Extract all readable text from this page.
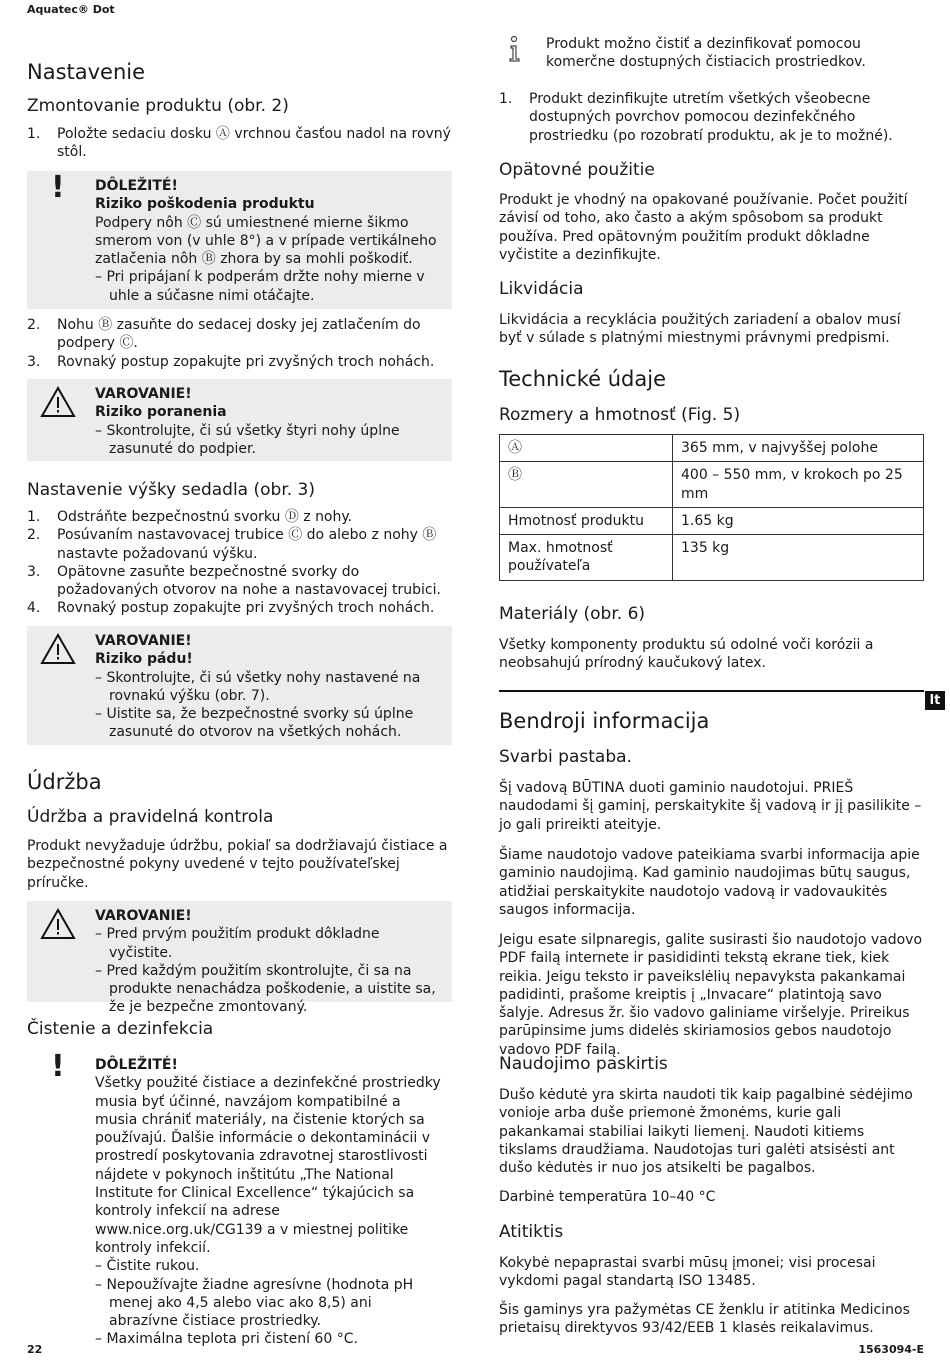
Aquatec® Dot
Nastavenie
Zmontovanie produktu (obr. 2)
1.	Položte sedaciu dosku Ⓐ vrchnou časťou nadol na rovný stôl.
! DÔLEŽITÉ!
Riziko poškodenia produktu
Podpery nôh Ⓒ sú umiestnené mierne šikmo smerom von (v uhle 8°) a v prípade vertikálneho zatlačenia nôh Ⓑ zhora by sa mohli poškodiť.
– Pri pripájaní k podperám držte nohy mierne v uhle a súčasne nimi otáčajte.
2.	Nohu Ⓑ zasuňte do sedacej dosky jej zatlačením do podpery Ⓒ.
3.	Rovnaký postup zopakujte pri zvyšných troch nohách.
VAROVANIE!
Riziko poranenia
– Skontrolujte, či sú všetky štyri nohy úplne zasunuté do podpier.
Nastavenie výšky sedadla (obr. 3)
1.	Odstráňte bezpečnostnú svorku Ⓓ z nohy.
2.	Posúvaním nastavovacej trubice Ⓒ do alebo z nohy Ⓑ nastavte požadovanú výšku.
3.	Opätovne zasuňte bezpečnostné svorky do požadovaných otvorov na nohe a nastavovacej trubici.
4.	Rovnaký postup zopakujte pri zvyšných troch nohách.
VAROVANIE!
Riziko pádu!
– Skontrolujte, či sú všetky nohy nastavené na rovnakú výšku (obr. 7).
– Uistite sa, že bezpečnostné svorky sú úplne zasunuté do otvorov na všetkých nohách.
Údržba
Údržba a pravidelná kontrola

Produkt nevyžaduje údržbu, pokiaľ sa dodržiavajú čistiace a bezpečnostné pokyny uvedené v tejto používateľskej príručke.

VAROVANIE!
– Pred prvým použitím produkt dôkladne vyčistite.
– Pred každým použitím skontrolujte, či sa na produkte nenachádza poškodenie, a uistite sa, že je bezpečne zmontovaný.
Čistenie a dezinfekcia
! DÔLEŽITÉ!
Všetky použité čistiace a dezinfekčné prostriedky musia byť účinné, navzájom kompatibilné a musia chrániť materiály, na čistenie ktorých sa používajú. Ďalšie informácie o dekontaminácii v prostredí poskytovania zdravotnej starostlivosti nájdete v pokynoch inštitútu „The National Institute for Clinical Excellence“ týkajúcich sa kontroly infekcií na adrese www.nice.org.uk/CG139 a v miestnej politike kontroly infekcií.
– Čistite rukou.
– Nepoužívajte žiadne agresívne (hodnota pH menej ako 4,5 alebo viac ako 8,5) ani abrazívne čistiace prostriedky.
– Maximálna teplota pri čistení 60 °C.
Produkt možno čistiť a dezinfikovať pomocou komerčne dostupných čistiacich prostriedkov.
1.	Produkt dezinfikujte utretím všetkých všeobecne dostupných povrchov pomocou dezinfekčného prostriedku (po rozobratí produktu, ak je to možné).
Opätovné použitie

Produkt je vhodný na opakované používanie. Počet použití závisí od toho, ako často a akým spôsobom sa produkt používa. Pred opätovným použitím produkt dôkladne vyčistite a dezinfikujte.

Likvidácia

Likvidácia a recyklácia použitých zariadení a obalov musí byť v súlade s platnými miestnymi právnymi predpismi.

Technické údaje
Rozmery a hmotnosť (Fig. 5)
Ⓐ	365 mm, v najvyššej polohe
Ⓑ	400 – 550 mm, v krokoch po 25 mm
Hmotnosť produktu	1.65 kg
Max. hmotnosť používateľa	135 kg
Materiály (obr. 6)

Všetky komponenty produktu sú odolné voči korózii a neobsahujú prírodný kaučukový latex.

lt
Bendroji informacija
Svarbi pastaba.

Šį vadovą BŪTINA duoti gaminio naudotojui. PRIEŠ naudodami šį gaminį, perskaitykite šį vadovą ir jį pasilikite – jo gali prireikti ateityje.

Šiame naudotojo vadove pateikiama svarbi informacija apie gaminio naudojimą. Kad gaminio naudojimas būtų saugus, atidžiai perskaitykite naudotojo vadovą ir vadovaukitės saugos informacija.

Jeigu esate silpnaregis, galite susirasti šio naudotojo vadovo PDF failą internete ir pasididinti tekstą ekrane tiek, kiek reikia. Jeigu teksto ir paveikslėlių nepavyksta pakankamai padidinti, prašome kreiptis į „Invacare“ platintoją savo šalyje. Adresus žr. šio vadovo galiniame viršelyje. Prireikus parūpinsime jums didelės skiriamosios gebos naudotojo vadovo PDF failą.

Naudojimo paskirtis

Dušo kėdutė yra skirta naudoti tik kaip pagalbinė sėdėjimo vonioje arba duše priemonė žmonėms, kurie gali pakankamai stabiliai laikyti liemenį. Naudoti kitiems tikslams draudžiama. Naudotojas turi galėti atsisėsti ant dušo kėdutės ir nuo jos atsikelti be pagalbos.

Darbinė temperatūra 10–40 °C

Atitiktis

Kokybė nepaprastai svarbi mūsų įmonei; visi procesai vykdomi pagal standartą ISO 13485.

Šis gaminys yra pažymėtas CE ženklu ir atitinka Medicinos prietaisų direktyvos 93/42/EEB 1 klasės reikalavimus.

22	1563094-E
